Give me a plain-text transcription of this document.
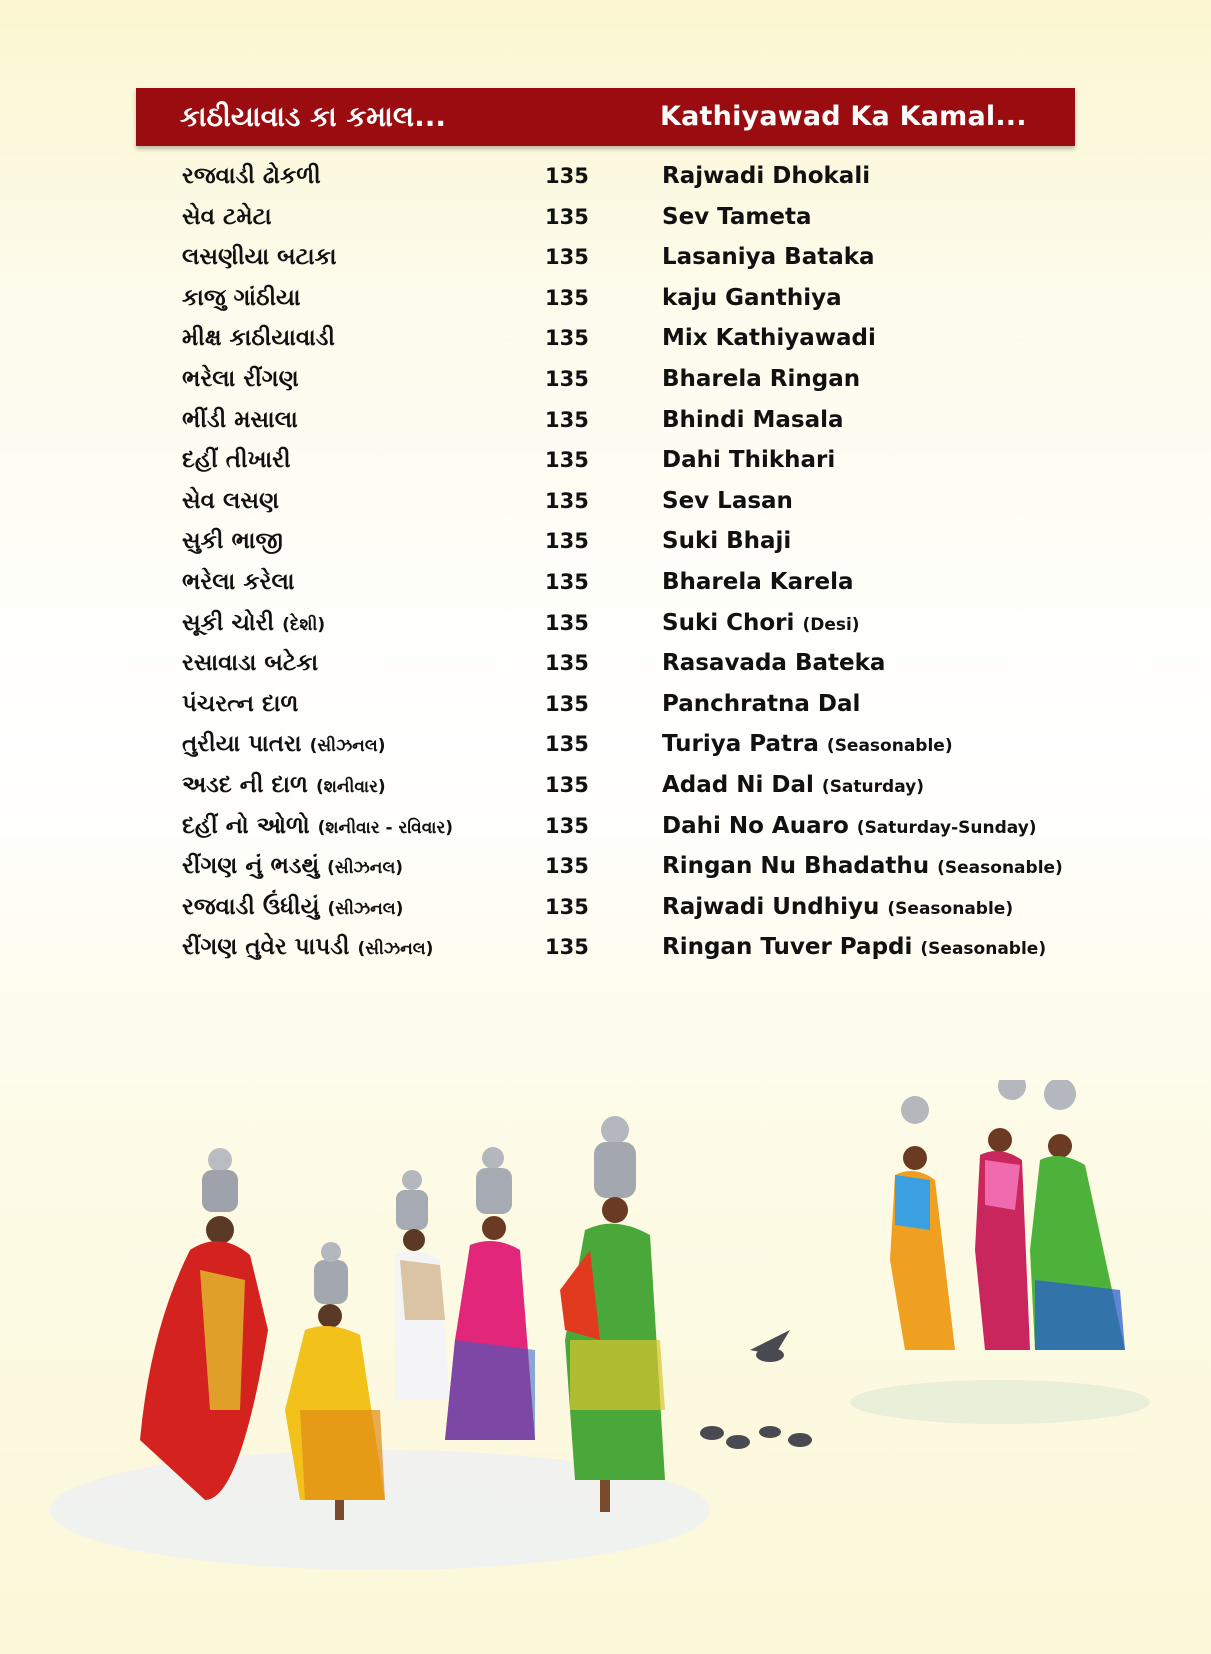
કાઠીયાવાડ કા કમાલ...	Kathiyawad Ka Kamal...
રજવાડી ઢોકળી	135	Rajwadi Dhokali
સેવ ટમેટા	135	Sev Tameta
લસણીયા બટાકા	135	Lasaniya Bataka
કાજુ ગાંઠીયા	135	kaju Ganthiya
મીક્ષ કાઠીયાવાડી	135	Mix Kathiyawadi
ભરેલા રીંગણ	135	Bharela Ringan
ભીંડી મસાલા	135	Bhindi Masala
દહીં તીખારી	135	Dahi Thikhari
સેવ લસણ	135	Sev Lasan
સુકી ભાજી	135	Suki Bhaji
ભરેલા કરેલા	135	Bharela Karela
સૂકી ચોરી (દેશી)	135	Suki Chori (Desi)
રસાવાડા બટેકા	135	Rasavada Bateka
પંચરત્ન દાળ	135	Panchratna Dal
તુરીયા પાતરા (સીઝનલ)	135	Turiya Patra (Seasonable)
અડદ ની દાળ (શનીવાર)	135	Adad Ni Dal (Saturday)
દહીં નો ઓળો (શનીવાર - રવિવાર)	135	Dahi No Auaro (Saturday-Sunday)
રીંગણ નું ભડથું (સીઝનલ)	135	Ringan Nu Bhadathu (Seasonable)
રજવાડી ઉંધીયું (સીઝનલ)	135	Rajwadi Undhiyu (Seasonable)
રીંગણ તુવેર પાપડી (સીઝનલ)	135	Ringan Tuver Papdi (Seasonable)
